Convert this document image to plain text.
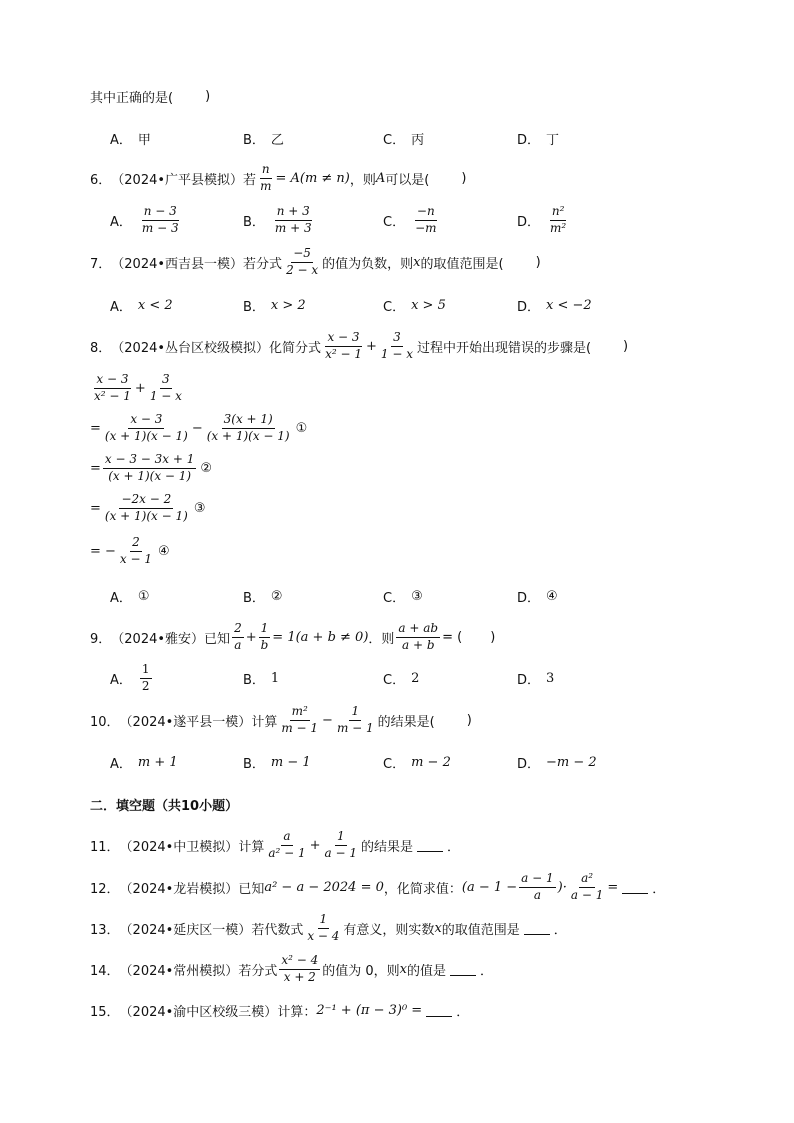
其中正确的是( )
A． 甲	B． 乙	C． 丙	D． 丁
6． （2024•广平县模拟） 若 $\frac{n}{m} = A(m \ne n)$ ，则 A 可以是( )
A． $\frac{n - 3}{m - 3}$	B． $\frac{n + 3}{m + 3}$	C． $\frac{-n}{-m}$	D． $\frac{\text{n²}}{\text{m²}}$
7． （2024•西吉县一模） 若分式 $\frac{-5}{2 - x}$ 的值为负数，则 x 的取值范围是( )
A． x < 2	B． x > 2	C． x > 5	D． x < −2
8． （2024•丛台区校级模拟） 化简分式 $\frac{x - 3}{\text{x² − 1}} + \frac{3}{1 - x}$ 过程中开始出现错误的步骤是( )
$\frac{x - 3}{\text{x² − 1}} + \frac{3}{1 - x}$
= $\frac{x - 3}{(x + 1)(x - 1)} - \frac{3(x + 1)}{(x + 1)(x - 1)}$ ①
= $\frac{x - 3 - 3x + 1}{(x + 1)(x - 1)}$ ②
= $\frac{-2x - 2}{(x + 1)(x - 1)}$ ③
= − $\frac{2}{x - 1}$ ④
A． ①	B． ②	C． ③	D． ④
9． （2024•雅安） 已知 $\frac{2}{a} + \frac{1}{b} = 1(a + b \ne 0)$ ．则 $\frac{a + ab}{a + b}$ = ( )
A． $\frac{1}{2}$	B． 1	C． 2	D． 3
10． （2024•遂平县一模） 计算 $\frac{\text{m²}}{m - 1} - \frac{1}{m - 1}$ 的结果是( )
A． m + 1	B． m − 1	C． m − 2	D． −m − 2
二．填空题（共10小题）
11． （2024•中卫模拟） 计算 $\frac{a}{\text{a² − 1}} + \frac{1}{a - 1}$ 的结果是	．
12． （2024•龙岩模拟） 已知 a² − a − 2024 = 0 ，化简求值： ($a - 1 - \frac{a - 1}{a}$ )· $\frac{\text{a²}}{a - 1}$ =	．
13． （2024•延庆区一模） 若代数式 $\frac{1}{x - 4}$ 有意义，则实数 x 的取值范围是	．
14． （2024•常州模拟） 若分式 $\frac{\text{x² − 4}}{x + 2}$ 的值为 0，则 x 的值是	．
15． （2024•渝中区校级三模） 计算： 2⁻¹ + (π − 3)⁰ =	．
